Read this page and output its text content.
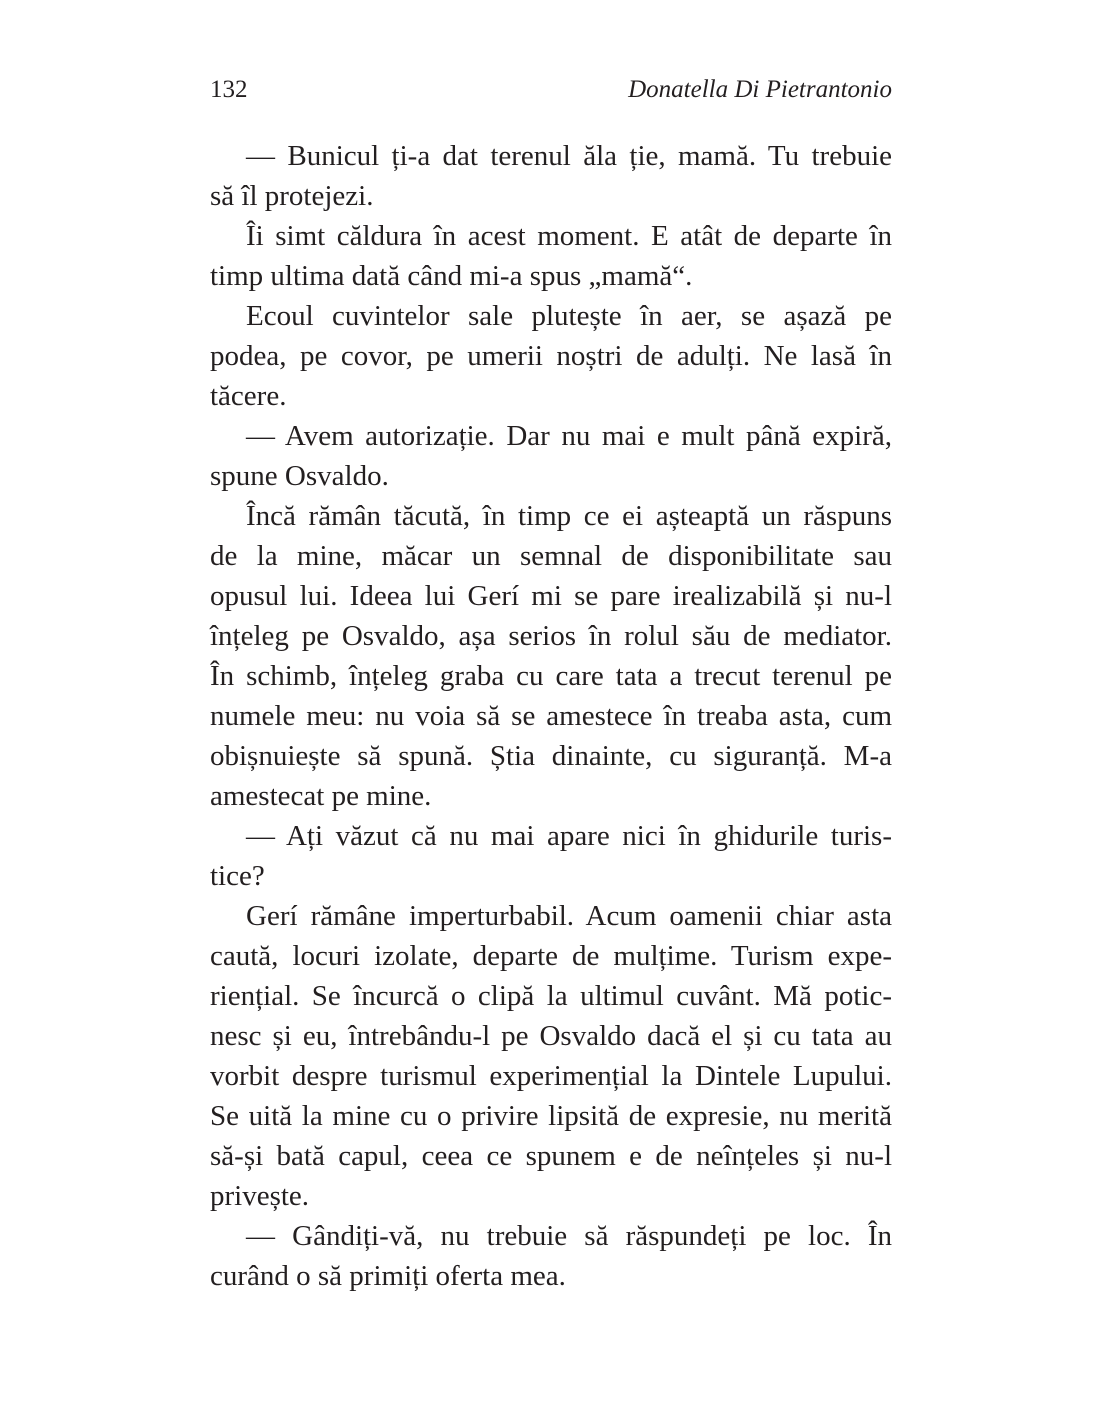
132	Donatella Di Pietrantonio
— Bunicul ți-a dat terenul ăla ție, mamă. Tu trebuie
să îl protejezi.
Îi simt căldura în acest moment. E atât de departe în
timp ultima dată când mi-a spus „mamă“.
Ecoul cuvintelor sale plutește în aer, se așază pe
podea, pe covor, pe umerii noștri de adulți. Ne lasă în
tăcere.
— Avem autorizație. Dar nu mai e mult până expiră,
spune Osvaldo.
Încă rămân tăcută, în timp ce ei așteaptă un răspuns
de la mine, măcar un semnal de disponibilitate sau
opusul lui. Ideea lui Gerí mi se pare irealizabilă și nu-l
înțeleg pe Osvaldo, așa serios în rolul său de mediator.
În schimb, înțeleg graba cu care tata a trecut terenul pe
numele meu: nu voia să se amestece în treaba asta, cum
obișnuiește să spună. Știa dinainte, cu siguranță. M-a
amestecat pe mine.
— Ați văzut că nu mai apare nici în ghidurile turis-
tice?
Gerí rămâne imperturbabil. Acum oamenii chiar asta
caută, locuri izolate, departe de mulțime. Turism expe-
riențial. Se încurcă o clipă la ultimul cuvânt. Mă potic-
nesc și eu, întrebându-l pe Osvaldo dacă el și cu tata au
vorbit despre turismul experimențial la Dintele Lupului.
Se uită la mine cu o privire lipsită de expresie, nu merită
să-și bată capul, ceea ce spunem e de neînțeles și nu-l
privește.
— Gândiți-vă, nu trebuie să răspundeți pe loc. În
curând o să primiți oferta mea.
